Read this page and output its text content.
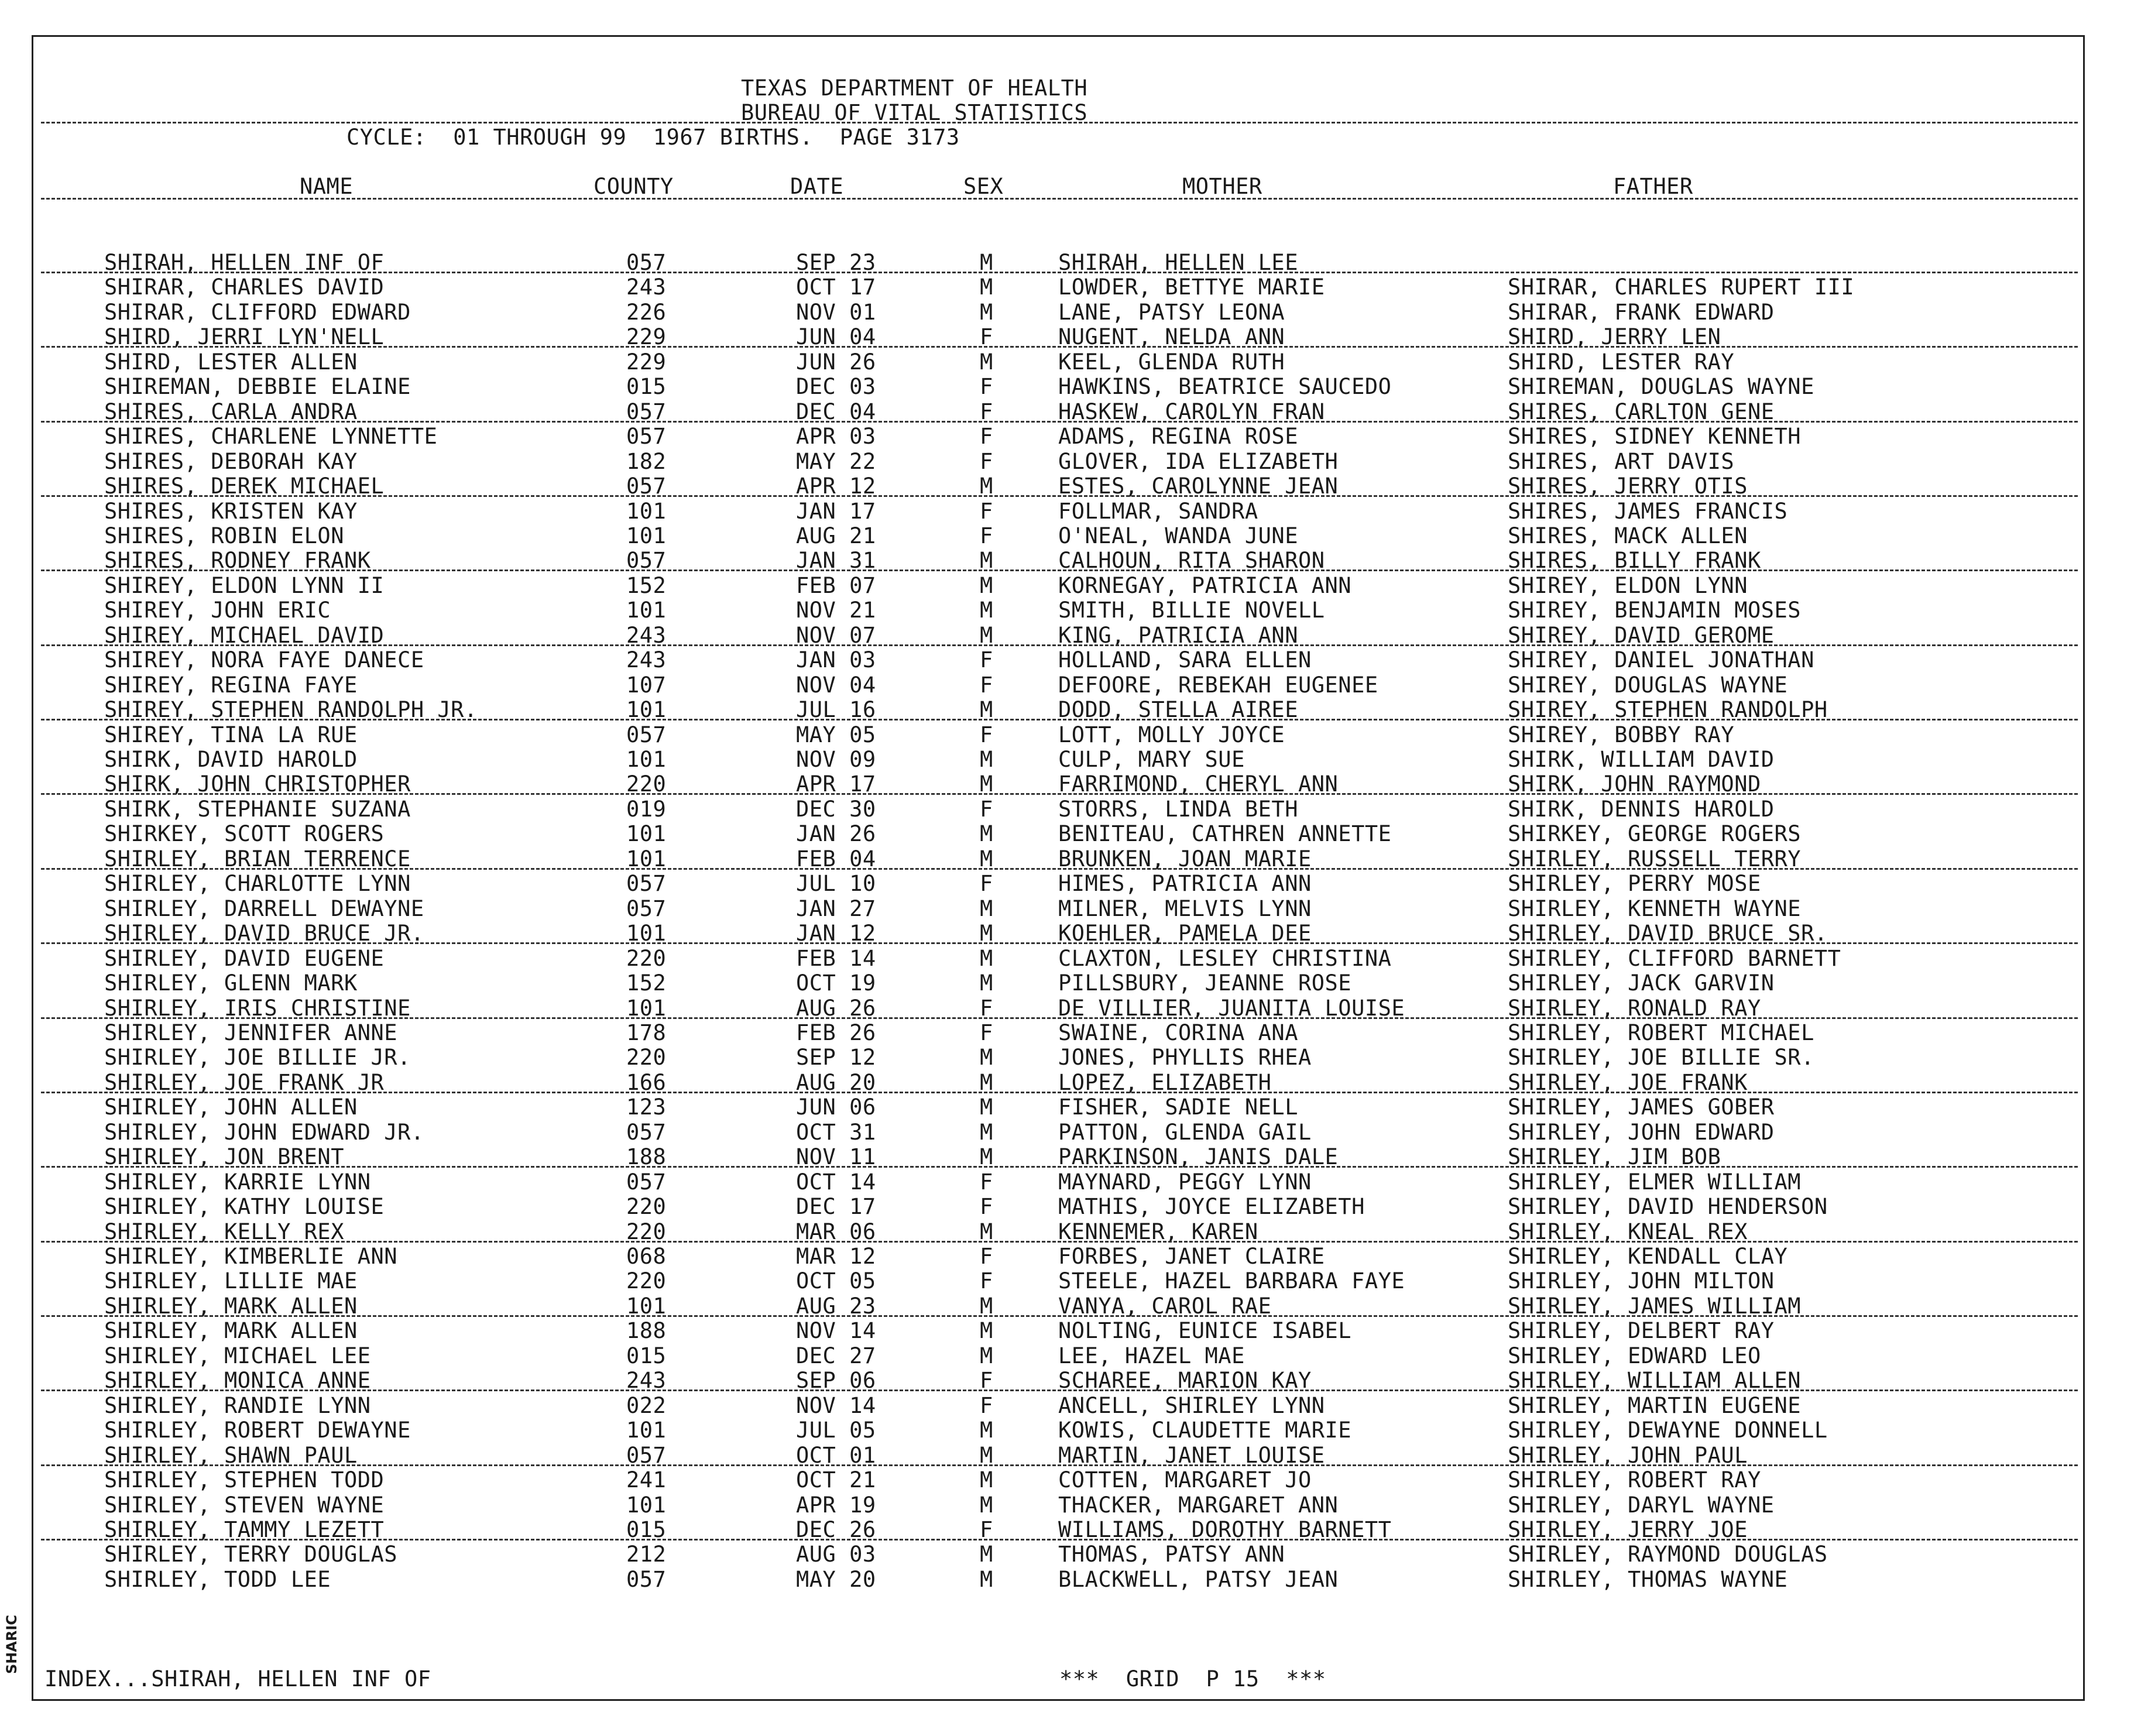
TEXAS DEPARTMENT OF HEALTH
BUREAU OF VITAL STATISTICS
CYCLE:  01 THROUGH 99  1967 BIRTHS.  PAGE 3173
NAME	COUNTY	DATE	SEX	MOTHER	FATHER
SHIRAH, HELLEN INF OF	057	SEP 23	M	SHIRAH, HELLEN LEE
SHIRAR, CHARLES DAVID	243	OCT 17	M	LOWDER, BETTYE MARIE	SHIRAR, CHARLES RUPERT III
SHIRAR, CLIFFORD EDWARD	226	NOV 01	M	LANE, PATSY LEONA	SHIRAR, FRANK EDWARD
SHIRD, JERRI LYN'NELL	229	JUN 04	F	NUGENT, NELDA ANN	SHIRD, JERRY LEN
SHIRD, LESTER ALLEN	229	JUN 26	M	KEEL, GLENDA RUTH	SHIRD, LESTER RAY
SHIREMAN, DEBBIE ELAINE	015	DEC 03	F	HAWKINS, BEATRICE SAUCEDO	SHIREMAN, DOUGLAS WAYNE
SHIRES, CARLA ANDRA	057	DEC 04	F	HASKEW, CAROLYN FRAN	SHIRES, CARLTON GENE
SHIRES, CHARLENE LYNNETTE	057	APR 03	F	ADAMS, REGINA ROSE	SHIRES, SIDNEY KENNETH
SHIRES, DEBORAH KAY	182	MAY 22	F	GLOVER, IDA ELIZABETH	SHIRES, ART DAVIS
SHIRES, DEREK MICHAEL	057	APR 12	M	ESTES, CAROLYNNE JEAN	SHIRES, JERRY OTIS
SHIRES, KRISTEN KAY	101	JAN 17	F	FOLLMAR, SANDRA	SHIRES, JAMES FRANCIS
SHIRES, ROBIN ELON	101	AUG 21	F	O'NEAL, WANDA JUNE	SHIRES, MACK ALLEN
SHIRES, RODNEY FRANK	057	JAN 31	M	CALHOUN, RITA SHARON	SHIRES, BILLY FRANK
SHIREY, ELDON LYNN II	152	FEB 07	M	KORNEGAY, PATRICIA ANN	SHIREY, ELDON LYNN
SHIREY, JOHN ERIC	101	NOV 21	M	SMITH, BILLIE NOVELL	SHIREY, BENJAMIN MOSES
SHIREY, MICHAEL DAVID	243	NOV 07	M	KING, PATRICIA ANN	SHIREY, DAVID GEROME
SHIREY, NORA FAYE DANECE	243	JAN 03	F	HOLLAND, SARA ELLEN	SHIREY, DANIEL JONATHAN
SHIREY, REGINA FAYE	107	NOV 04	F	DEFOORE, REBEKAH EUGENEE	SHIREY, DOUGLAS WAYNE
SHIREY, STEPHEN RANDOLPH JR.	101	JUL 16	M	DODD, STELLA AIREE	SHIREY, STEPHEN RANDOLPH
SHIREY, TINA LA RUE	057	MAY 05	F	LOTT, MOLLY JOYCE	SHIREY, BOBBY RAY
SHIRK, DAVID HAROLD	101	NOV 09	M	CULP, MARY SUE	SHIRK, WILLIAM DAVID
SHIRK, JOHN CHRISTOPHER	220	APR 17	M	FARRIMOND, CHERYL ANN	SHIRK, JOHN RAYMOND
SHIRK, STEPHANIE SUZANA	019	DEC 30	F	STORRS, LINDA BETH	SHIRK, DENNIS HAROLD
SHIRKEY, SCOTT ROGERS	101	JAN 26	M	BENITEAU, CATHREN ANNETTE	SHIRKEY, GEORGE ROGERS
SHIRLEY, BRIAN TERRENCE	101	FEB 04	M	BRUNKEN, JOAN MARIE	SHIRLEY, RUSSELL TERRY
SHIRLEY, CHARLOTTE LYNN	057	JUL 10	F	HIMES, PATRICIA ANN	SHIRLEY, PERRY MOSE
SHIRLEY, DARRELL DEWAYNE	057	JAN 27	M	MILNER, MELVIS LYNN	SHIRLEY, KENNETH WAYNE
SHIRLEY, DAVID BRUCE JR.	101	JAN 12	M	KOEHLER, PAMELA DEE	SHIRLEY, DAVID BRUCE SR.
SHIRLEY, DAVID EUGENE	220	FEB 14	M	CLAXTON, LESLEY CHRISTINA	SHIRLEY, CLIFFORD BARNETT
SHIRLEY, GLENN MARK	152	OCT 19	M	PILLSBURY, JEANNE ROSE	SHIRLEY, JACK GARVIN
SHIRLEY, IRIS CHRISTINE	101	AUG 26	F	DE VILLIER, JUANITA LOUISE	SHIRLEY, RONALD RAY
SHIRLEY, JENNIFER ANNE	178	FEB 26	F	SWAINE, CORINA ANA	SHIRLEY, ROBERT MICHAEL
SHIRLEY, JOE BILLIE JR.	220	SEP 12	M	JONES, PHYLLIS RHEA	SHIRLEY, JOE BILLIE SR.
SHIRLEY, JOE FRANK JR	166	AUG 20	M	LOPEZ, ELIZABETH	SHIRLEY, JOE FRANK
SHIRLEY, JOHN ALLEN	123	JUN 06	M	FISHER, SADIE NELL	SHIRLEY, JAMES GOBER
SHIRLEY, JOHN EDWARD JR.	057	OCT 31	M	PATTON, GLENDA GAIL	SHIRLEY, JOHN EDWARD
SHIRLEY, JON BRENT	188	NOV 11	M	PARKINSON, JANIS DALE	SHIRLEY, JIM BOB
SHIRLEY, KARRIE LYNN	057	OCT 14	F	MAYNARD, PEGGY LYNN	SHIRLEY, ELMER WILLIAM
SHIRLEY, KATHY LOUISE	220	DEC 17	F	MATHIS, JOYCE ELIZABETH	SHIRLEY, DAVID HENDERSON
SHIRLEY, KELLY REX	220	MAR 06	M	KENNEMER, KAREN	SHIRLEY, KNEAL REX
SHIRLEY, KIMBERLIE ANN	068	MAR 12	F	FORBES, JANET CLAIRE	SHIRLEY, KENDALL CLAY
SHIRLEY, LILLIE MAE	220	OCT 05	F	STEELE, HAZEL BARBARA FAYE	SHIRLEY, JOHN MILTON
SHIRLEY, MARK ALLEN	101	AUG 23	M	VANYA, CAROL RAE	SHIRLEY, JAMES WILLIAM
SHIRLEY, MARK ALLEN	188	NOV 14	M	NOLTING, EUNICE ISABEL	SHIRLEY, DELBERT RAY
SHIRLEY, MICHAEL LEE	015	DEC 27	M	LEE, HAZEL MAE	SHIRLEY, EDWARD LEO
SHIRLEY, MONICA ANNE	243	SEP 06	F	SCHAREE, MARION KAY	SHIRLEY, WILLIAM ALLEN
SHIRLEY, RANDIE LYNN	022	NOV 14	F	ANCELL, SHIRLEY LYNN	SHIRLEY, MARTIN EUGENE
SHIRLEY, ROBERT DEWAYNE	101	JUL 05	M	KOWIS, CLAUDETTE MARIE	SHIRLEY, DEWAYNE DONNELL
SHIRLEY, SHAWN PAUL	057	OCT 01	M	MARTIN, JANET LOUISE	SHIRLEY, JOHN PAUL
SHIRLEY, STEPHEN TODD	241	OCT 21	M	COTTEN, MARGARET JO	SHIRLEY, ROBERT RAY
SHIRLEY, STEVEN WAYNE	101	APR 19	M	THACKER, MARGARET ANN	SHIRLEY, DARYL WAYNE
SHIRLEY, TAMMY LEZETT	015	DEC 26	F	WILLIAMS, DOROTHY BARNETT	SHIRLEY, JERRY JOE
SHIRLEY, TERRY DOUGLAS	212	AUG 03	M	THOMAS, PATSY ANN	SHIRLEY, RAYMOND DOUGLAS
SHIRLEY, TODD LEE	057	MAY 20	M	BLACKWELL, PATSY JEAN	SHIRLEY, THOMAS WAYNE
INDEX...SHIRAH, HELLEN INF OF	***  GRID  P 15  ***
SHARIC
